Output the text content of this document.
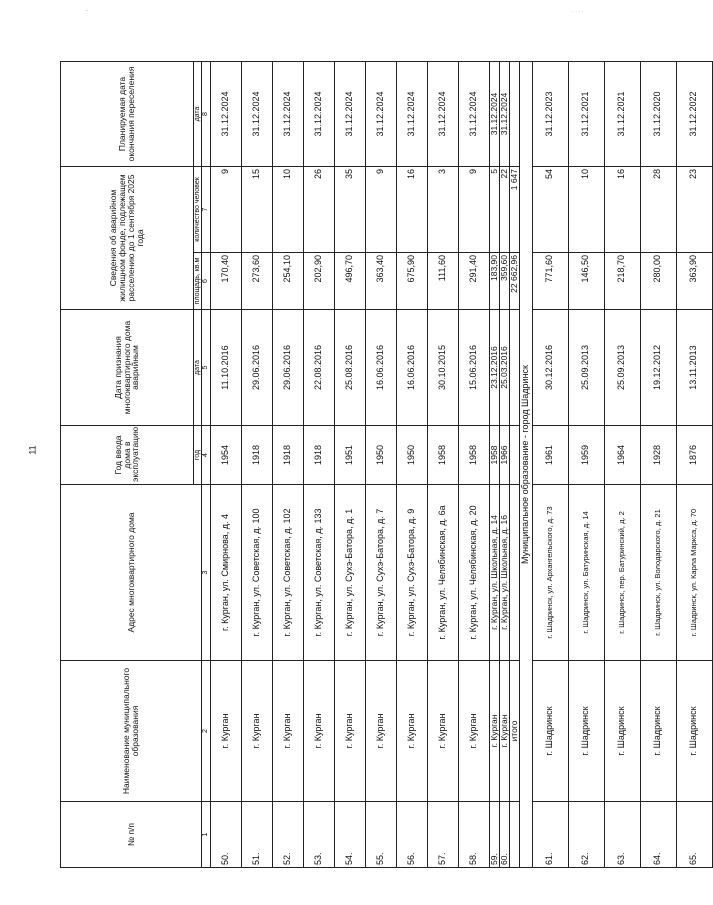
–	. . . .
11
№ п/п	Наименование муниципального образования	Адрес многоквартирного дома	Год ввода дома в эксплуатацию	Дата признания многоквартирного дома аварийным	Сведения об аварийном жилищном фонде, подлежащем расселению до 1 сентября 2025 года		Планируемая дата окончания переселения
			год	дата	площадь, кв.м	количество человек	дата
1	2	3	4	5	6	7	8
50.	г. Курган	г. Курган, ул. Смирнова, д. 4	1954	11.10.2016	170,40	9	31.12.2024
51.	г. Курган	г. Курган, ул. Советская, д. 100	1918	29.06.2016	273,60	15	31.12.2024
52.	г. Курган	г. Курган, ул. Советская, д. 102	1918	29.06.2016	254,10	10	31.12.2024
53.	г. Курган	г. Курган, ул. Советская, д. 133	1918	22.08.2016	202,90	26	31.12.2024
54.	г. Курган	г. Курган, ул. Сухэ-Батора, д. 1	1951	25.08.2016	496,70	35	31.12.2024
55.	г. Курган	г. Курган, ул. Сухэ-Батора, д. 7	1950	16.06.2016	363,40	9	31.12.2024
56.	г. Курган	г. Курган, ул. Сухэ-Батора, д. 9	1950	16.06.2016	675,90	16	31.12.2024
57.	г. Курган	г. Курган, ул. Челябинская, д. 6а	1958	30.10.2015	111,60	3	31.12.2024
58.	г. Курган	г. Курган, ул. Челябинская, д. 20	1958	15.06.2016	291,40	9	31.12.2024
59.	г. Курган	г. Курган, ул. Школьная, д. 14	1958	23.12.2016	183,90	5	31.12.2024
60.	г. Курган	г. Курган, ул. Школьная, д. 16	1966	25.03.2016	359,60	22	31.12.2024
	итого				22 662,96	1 647	
Муниципальное образование - город Шадринск							
61.	г. Шадринск	г. Шадринск, ул. Архангельского, д. 73	1961	30.12.2016	771,60	54	31.12.2023
62.	г. Шадринск	г. Шадринск, ул. Батуринская, д. 14	1959	25.09.2013	146,50	10	31.12.2021
63.	г. Шадринск	г. Шадринск, пер. Батуринский, д. 2	1964	25.09.2013	218,70	16	31.12.2021
64.	г. Шадринск	г. Шадринск, ул. Володарского, д. 21	1928	19.12.2012	280,00	28	31.12.2020
65.	г. Шадринск	г. Шадринск, ул. Карла Маркса, д. 70	1876	13.11.2013	363,90	23	31.12.2022
